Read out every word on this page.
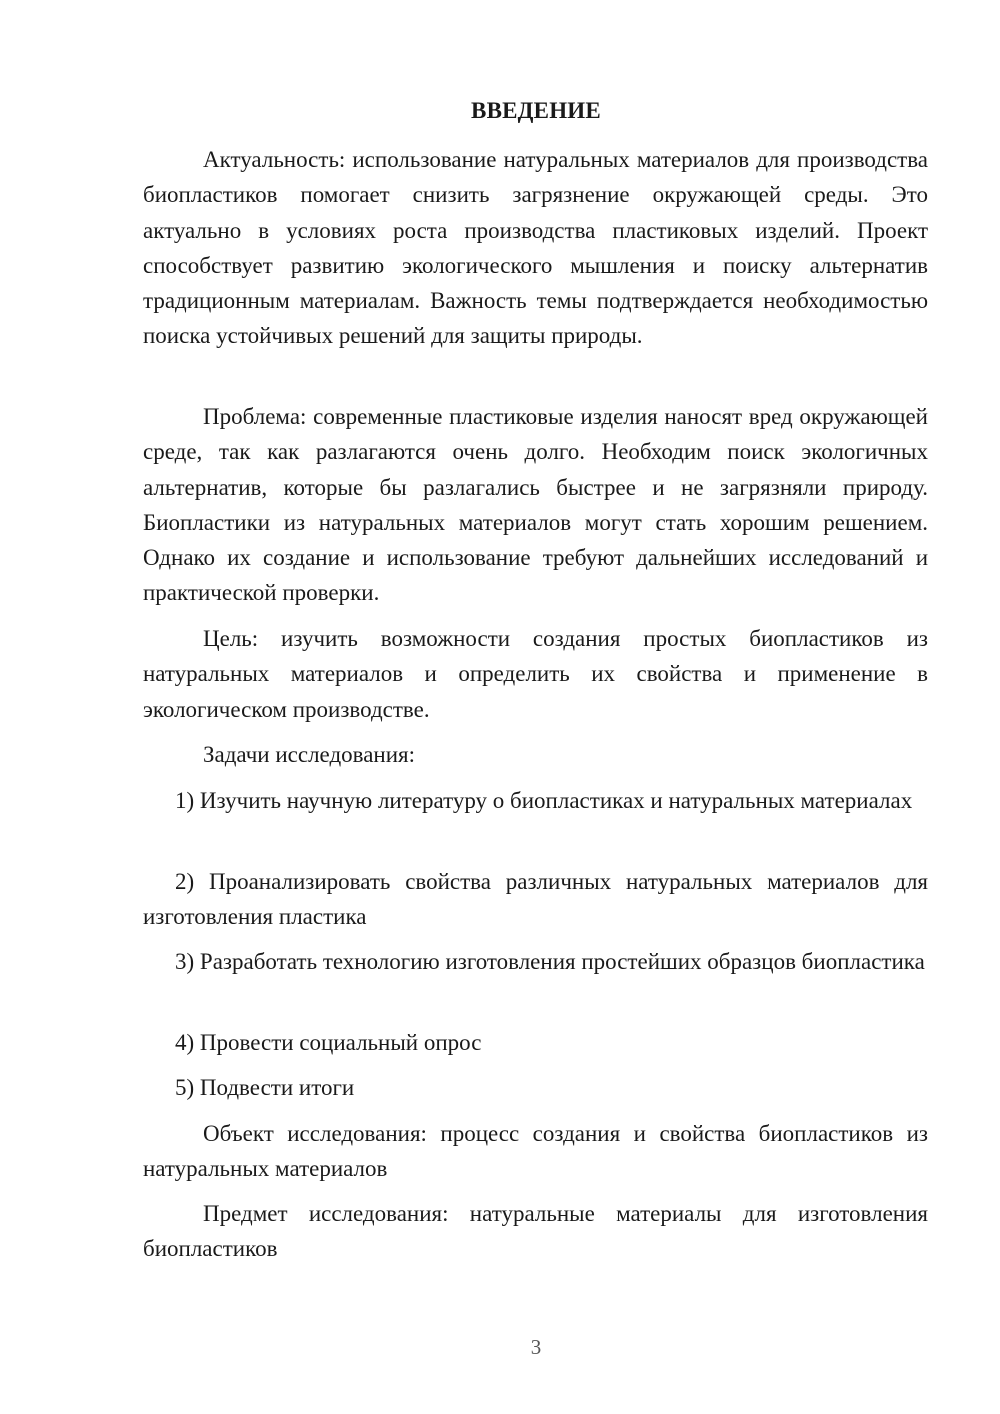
ВВЕДЕНИЕ

Актуальность: использование натуральных материалов для производства биопластиков помогает снизить загрязнение окружающей среды. Это актуально в условиях роста производства пластиковых изделий. Проект способствует развитию экологического мышления и поиску альтернатив традиционным материалам. Важность темы подтверждается необходимостью поиска устойчивых решений для защиты природы.

Проблема: современные пластиковые изделия наносят вред окружающей среде, так как разлагаются очень долго. Необходим поиск экологичных альтернатив, которые бы разлагались быстрее и не загрязняли природу. Биопластики из натуральных материалов могут стать хорошим решением. Однако их создание и использование требуют дальнейших исследований и практической проверки.

Цель: изучить возможности создания простых биопластиков из натуральных материалов и определить их свойства и применение в экологическом производстве.

Задачи исследования:

1) Изучить научную литературу о биопластиках и натуральных материалах

2) Проанализировать свойства различных натуральных материалов для изготовления пластика

3) Разработать технологию изготовления простейших образцов биопластика

4) Провести социальный опрос

5) Подвести итоги

Объект исследования: процесс создания и свойства биопластиков из натуральных материалов

Предмет исследования: натуральные материалы для изготовления биопластиков

3
